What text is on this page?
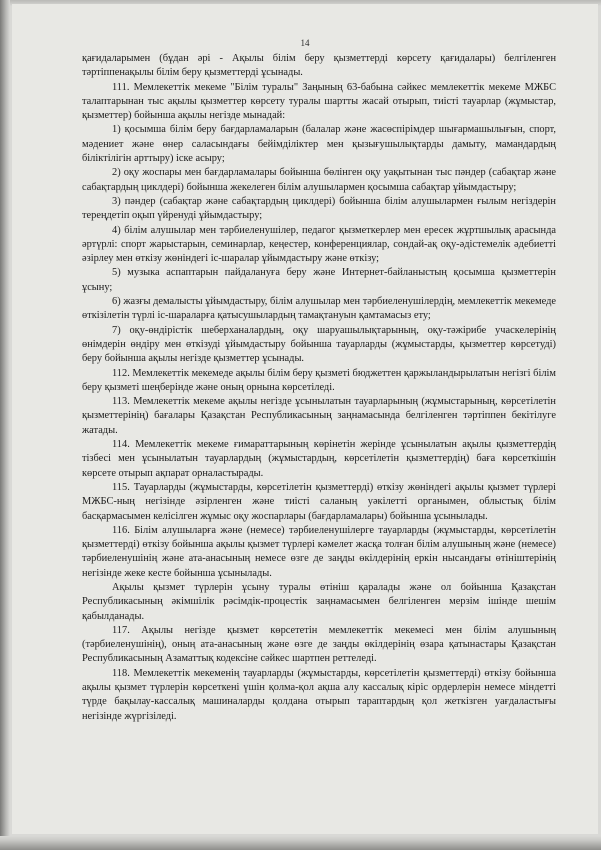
14

қағидаларымен (бұдан әрі - Ақылы білім беру қызметтерді көрсету қағидалары) белгіленген тәртіппенақылы білім беру қызметтерді ұсынады.

111. Мемлекеттік мекеме "Білім туралы" Заңының 63-бабына сәйкес мемлекеттік мекеме МЖБС талаптарынан тыс ақылы қызметтер көрсету туралы шартты жасай отырып, тиісті тауарлар (жұмыстар, қызметтер) бойынша ақылы негізде мынадай:

1) қосымша білім беру бағдарламаларын (балалар және жасөспірімдер шығармашылығын, спорт, мәдениет және өнер саласындағы бейімділіктер мен қызығушылықтарды дамыту, мамандардың біліктілігін арттыру) іске асыру;

2) оқу жоспары мен бағдарламалары бойынша бөлінген оқу уақытынан тыс пәндер (сабақтар және сабақтардың циклдері) бойынша жекелеген білім алушылармен қосымша сабақтар ұйымдастыру;

3) пәндер (сабақтар және сабақтардың циклдері) бойынша білім алушылармен ғылым негіздерін тереңдетіп оқып үйренуді ұйымдастыру;

4) білім алушылар мен тәрбиеленушілер, педагог қызметкерлер мен ересек жұртшылық арасында әртүрлі: спорт жарыстарын, семинарлар, кеңестер, конференциялар, сондай-ақ оқу-әдістемелік әдебиетті әзірлеу мен өткізу жөніндегі іс-шаралар ұйымдастыру және өткізу;

5) музыка аспаптарын пайдалануға беру және Интернет-байланыстың қосымша қызметтерін ұсыну;

6) жазғы демалысты ұйымдастыру, білім алушылар мен тәрбиеленушілердің, мемлекеттік мекемеде өткізілетін түрлі іс-шараларға қатысушылардың тамақтануын қамтамасыз ету;

7) оқу-өндірістік шеберханалардың, оқу шаруашылықтарының, оқу-тәжірибе учаскелерінің өнімдерін өндіру мен өткізуді ұйымдастыру бойынша тауарларды (жұмыстарды, қызметтер көрсетуді) беру бойынша ақылы негізде қызметтер ұсынады.

112. Мемлекеттік мекемеде ақылы білім беру қызметі бюджеттен қаржыландырылатын негізгі білім беру қызметі шеңберінде және оның орнына көрсетіледі.

113. Мемлекеттік мекеме ақылы негізде ұсынылатын тауарларының (жұмыстарының, көрсетілетін қызметтерінің) бағалары Қазақстан Республикасының заңнамасында белгіленген тәртіппен бекітілуге жатады.

114. Мемлекеттік мекеме ғимараттарының көрінетін жерінде ұсынылатын ақылы қызметтердің тізбесі мен ұсынылатын тауарлардың (жұмыстардың, көрсетілетін қызметтердің) баға көрсеткішін көрсете отырып ақпарат орналастырады.

115. Тауарларды (жұмыстарды, көрсетілетін қызметтерді) өткізу жөніндегі ақылы қызмет түрлері МЖБС-ның негізінде әзірленген және тиісті саланың уәкілетті органымен, облыстық білім басқармасымен келісілген жұмыс оқу жоспарлары (бағдарламалары) бойынша ұсынылады.

116. Білім алушыларға және (немесе) тәрбиеленушілерге тауарларды (жұмыстарды, көрсетілетін қызметтерді) өткізу бойынша ақылы қызмет түрлері кәмелет жасқа толған білім алушының және (немесе) тәрбиеленушінің және ата-анасының немесе өзге де заңды өкілдерінің еркін нысандағы өтініштерінің негізінде жеке кесте бойынша ұсынылады.

Ақылы қызмет түрлерін ұсыну туралы өтініш қаралады және ол бойынша Қазақстан Республикасының әкімшілік рәсімдік-процестік заңнамасымен белгіленген мерзім ішінде шешім қабылданады.

117. Ақылы негізде қызмет көрсететін мемлекеттік мекемесі мен білім алушының (тәрбиеленушінің), оның ата-анасының және өзге де заңды өкілдерінің өзара қатынастары Қазақстан Республикасының Азаматтық кодексіне сәйкес шартпен реттеледі.

118. Мемлекеттік мекеменің тауарларды (жұмыстарды, көрсетілетін қызметтерді) өткізу бойынша ақылы қызмет түрлерін көрсеткені үшін қолма-қол ақша алу кассалық кіріс ордерлерін немесе міндетті түрде бақылау-кассалық машиналарды қолдана отырып тараптардың қол жеткізген уағдаластығы негізінде жүргізіледі.
